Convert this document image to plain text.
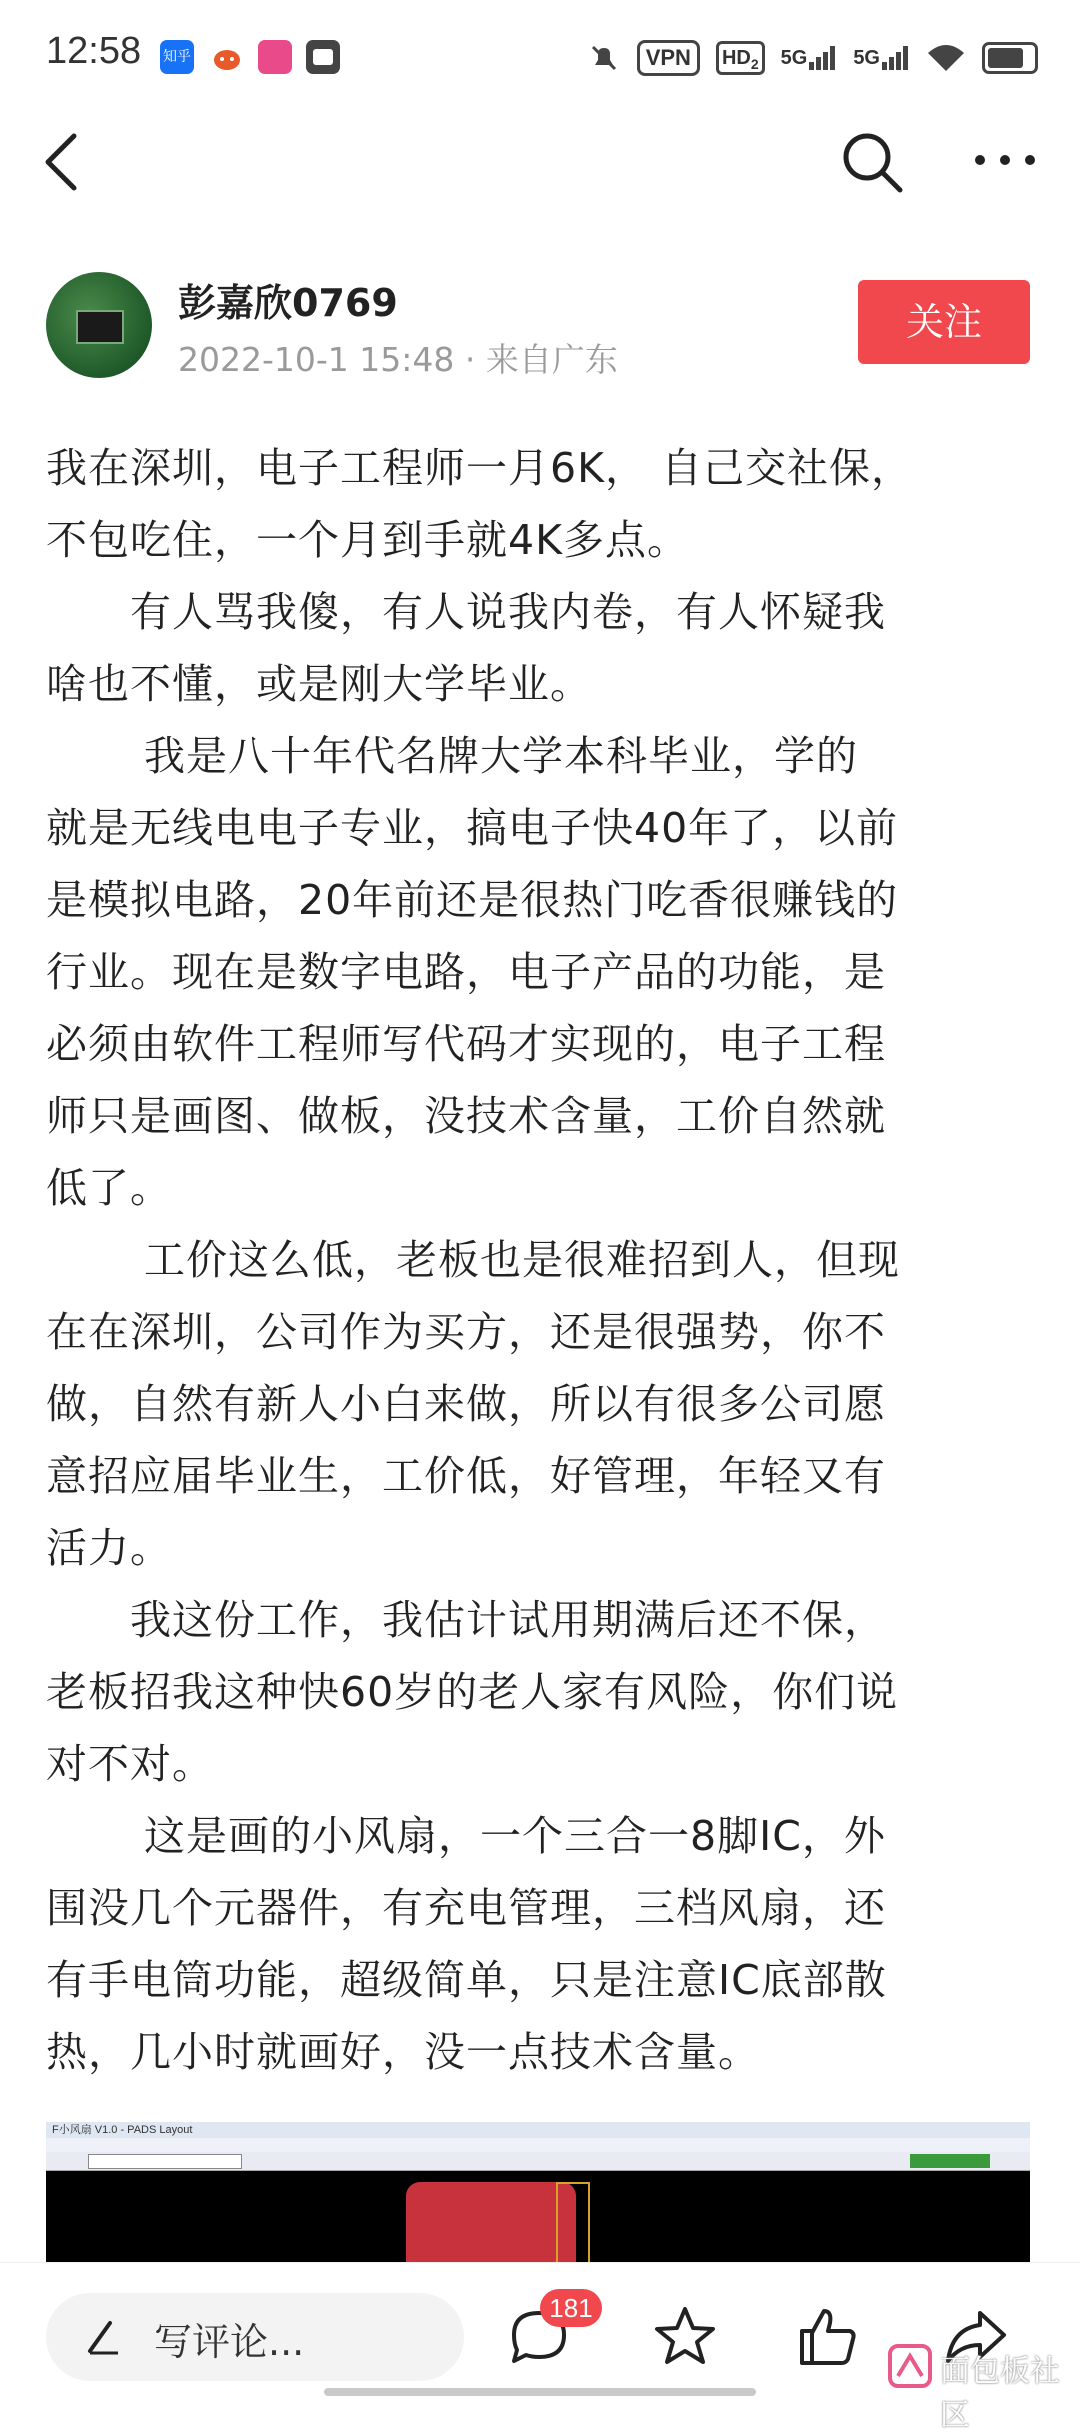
12:58 知乎	VPN	$HD_2$	5G 5G
彭嘉欣0769
2022-10-1 15:48 · 来自广东
关注

我在深圳，电子工程师一月6K， 自己交社保，

不包吃住，一个月到手就4K多点。

　　有人骂我傻，有人说我内卷，有人怀疑我

啥也不懂，或是刚大学毕业。

　　 我是八十年代名牌大学本科毕业，学的

就是无线电电子专业，搞电子快40年了，以前

是模拟电路，20年前还是很热门吃香很赚钱的

行业。现在是数字电路，电子产品的功能，是

必须由软件工程师写代码才实现的，电子工程

师只是画图、做板，没技术含量，工价自然就

低了。

　　 工价这么低，老板也是很难招到人，但现

在在深圳，公司作为买方，还是很强势，你不

做，自然有新人小白来做，所以有很多公司愿

意招应届毕业生，工价低，好管理，年轻又有

活力。

　　我这份工作，我估计试用期满后还不保，

老板招我这种快60岁的老人家有风险，你们说

对不对。

　　 这是画的小风扇，一个三合一8脚IC，外

围没几个元器件，有充电管理，三档风扇，还

有手电筒功能，超级简单，只是注意IC底部散

热，几小时就画好，没一点技术含量。

F小风扇 V1.0 - PADS Layout
写评论...
181
面包板社区
